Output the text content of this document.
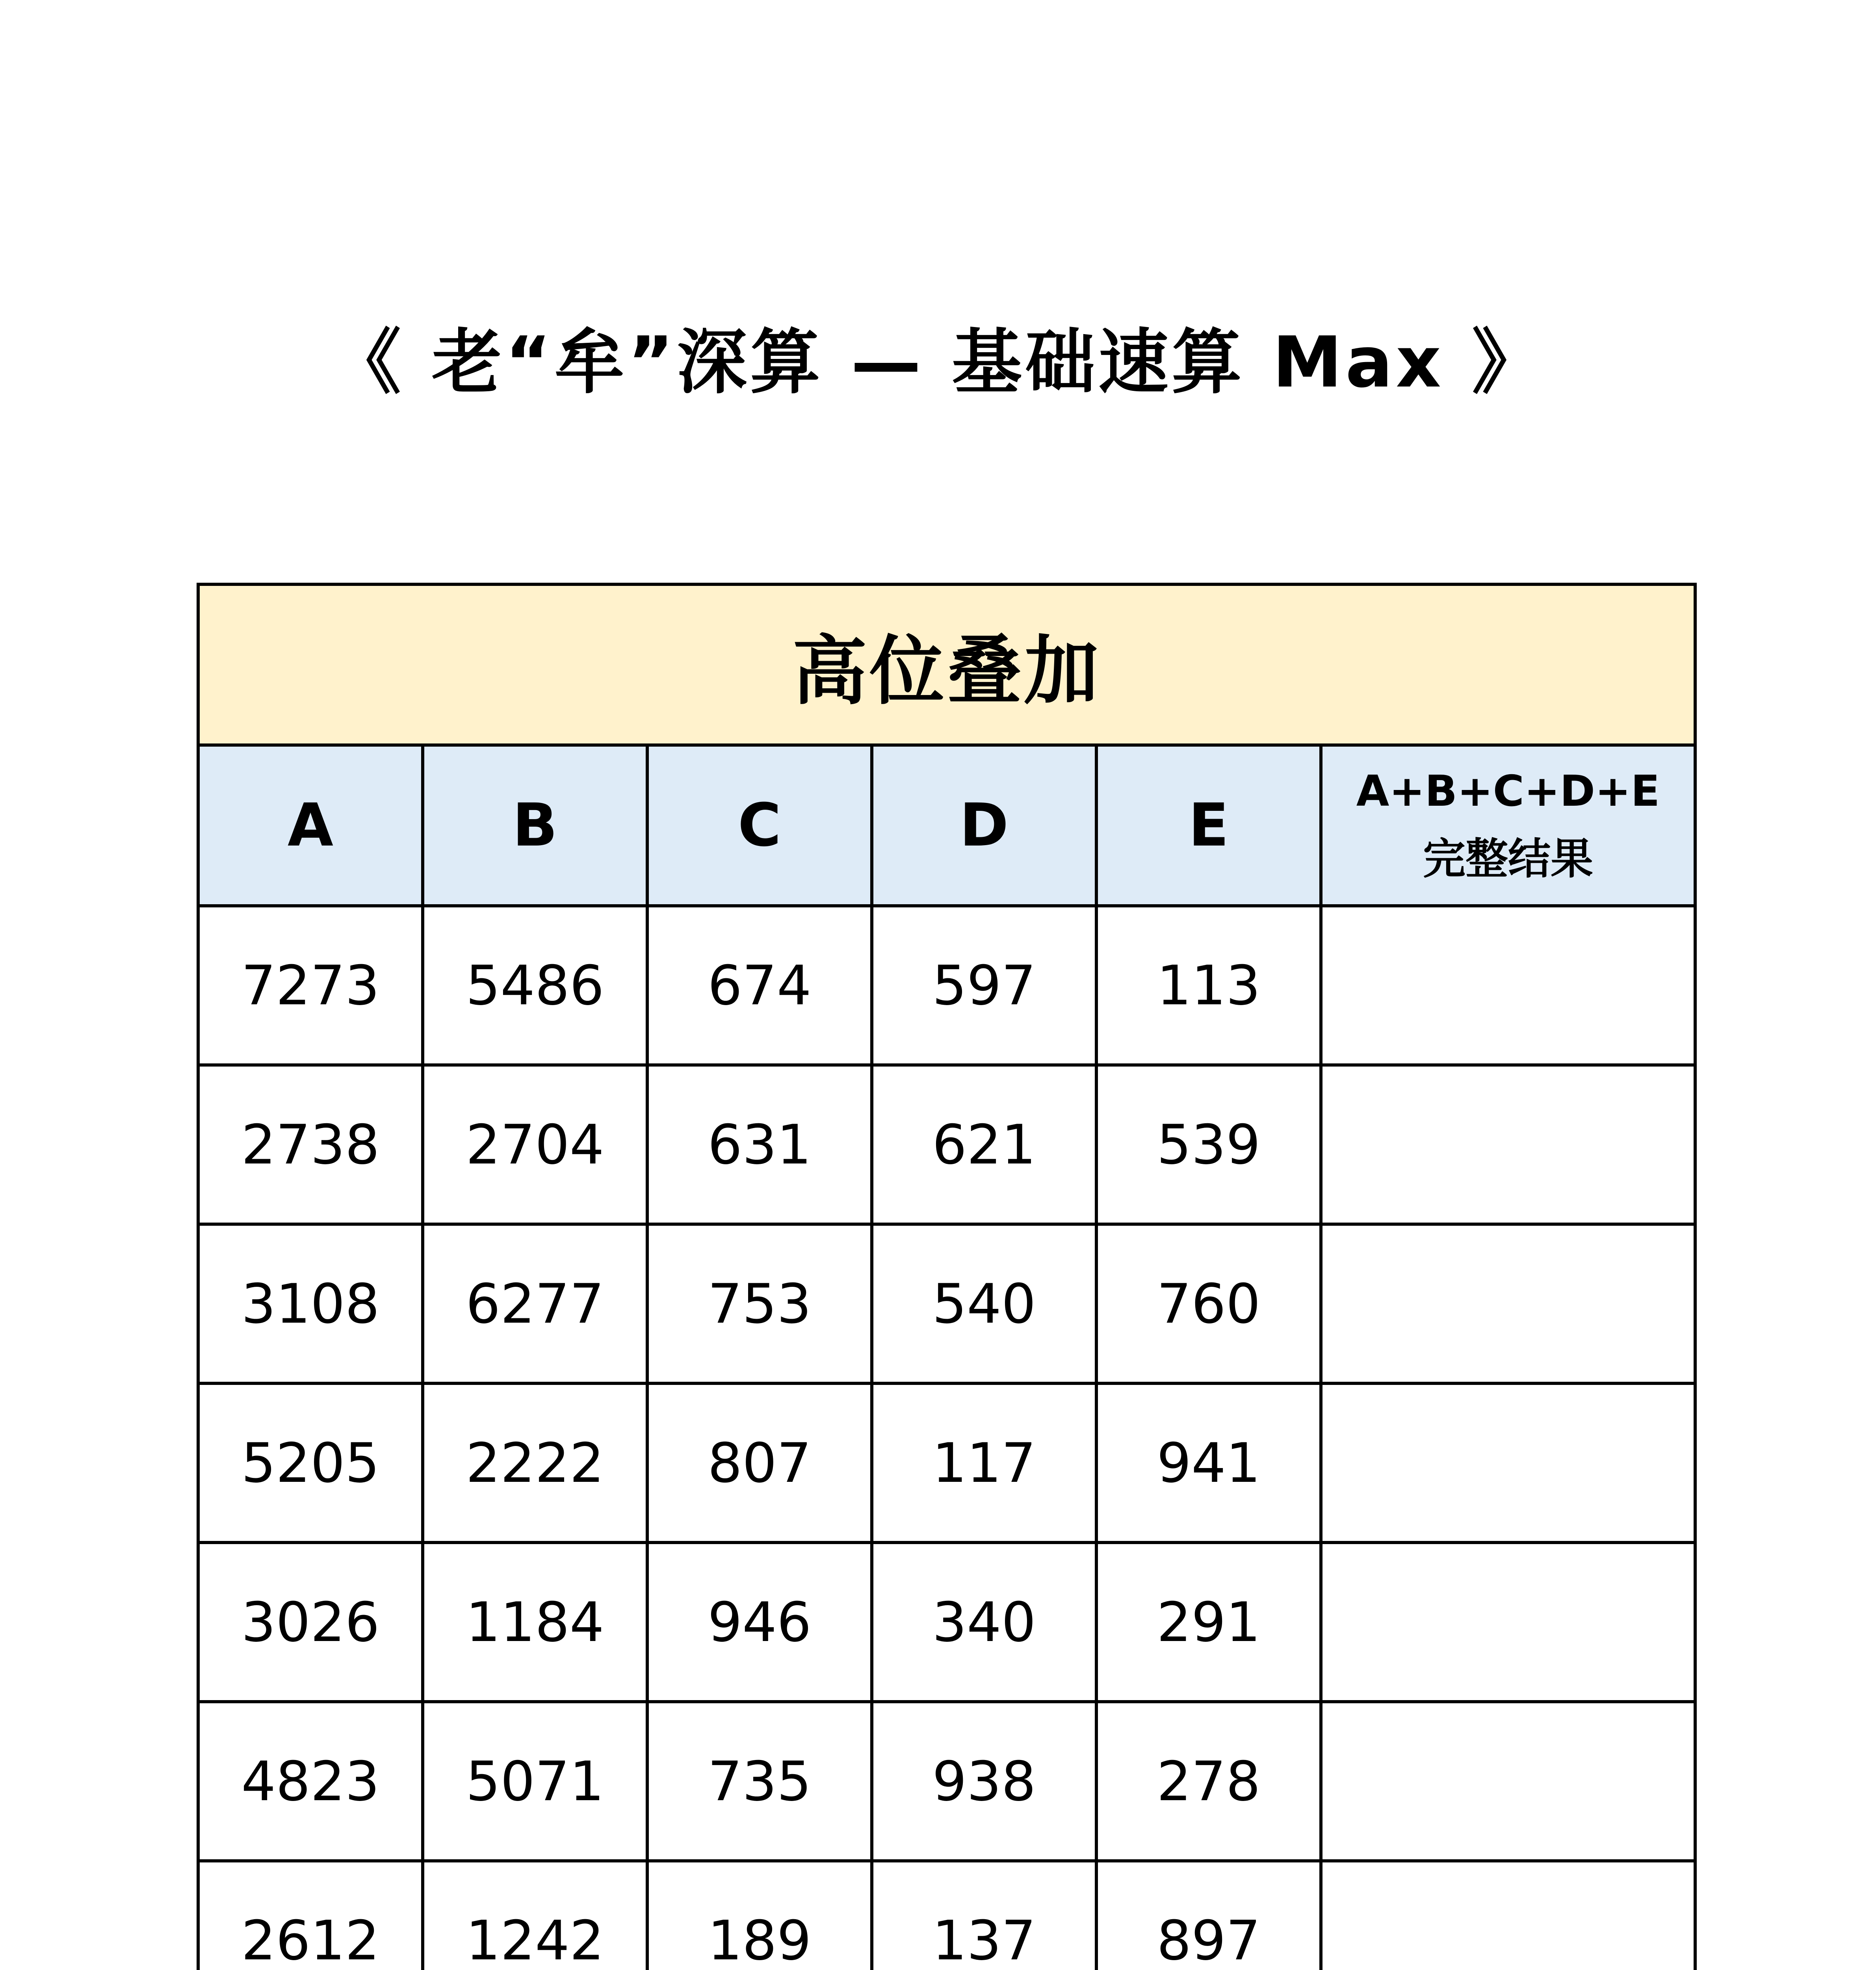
《 老“牟”深算 — 基础速算 Max 》
高位叠加					
A	B	C	D	E	A+B+C+D+E
完整结果

7273	5486	674	597	113	
2738	2704	631	621	539	
3108	6277	753	540	760	
5205	2222	807	117	941	
3026	1184	946	340	291	
4823	5071	735	938	278	
2612	1242	189	137	897	
